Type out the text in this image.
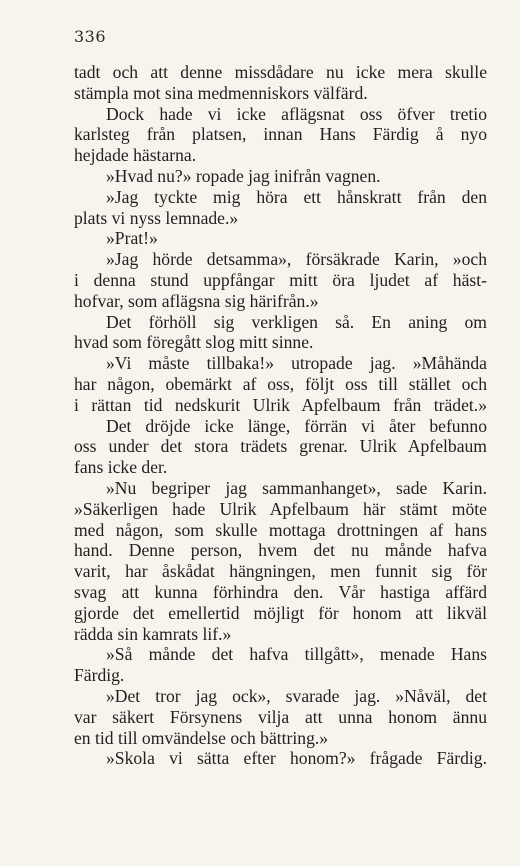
336
tadt och att denne missdådare nu icke mera skulle
stämpla mot sina medmenniskors välfärd.
Dock hade vi icke aflägsnat oss öfver tretio
karlsteg från platsen, innan Hans Färdig å nyo
hejdade hästarna.
»Hvad nu?» ropade jag inifrån vagnen.
»Jag tyckte mig höra ett hånskratt från den
plats vi nyss lemnade.»
»Prat!»
»Jag hörde detsamma», försäkrade Karin, »och
i denna stund uppfångar mitt öra ljudet af häst-
hofvar, som aflägsna sig härifrån.»
Det förhöll sig verkligen så. En aning om
hvad som föregått slog mitt sinne.
»Vi måste tillbaka!» utropade jag. »Måhända
har någon, obemärkt af oss, följt oss till stället och
i rättan tid nedskurit Ulrik Apfelbaum från trädet.»
Det dröjde icke länge, förrän vi åter befunno
oss under det stora trädets grenar. Ulrik Apfelbaum
fans icke der.
»Nu begriper jag sammanhanget», sade Karin.
»Säkerligen hade Ulrik Apfelbaum här stämt möte
med någon, som skulle mottaga drottningen af hans
hand. Denne person, hvem det nu månde hafva
varit, har åskådat hängningen, men funnit sig för
svag att kunna förhindra den. Vår hastiga affärd
gjorde det emellertid möjligt för honom att likväl
rädda sin kamrats lif.»
»Så månde det hafva tillgått», menade Hans
Färdig.
»Det tror jag ock», svarade jag. »Nåväl, det
var säkert Försynens vilja att unna honom ännu
en tid till omvändelse och bättring.»
»Skola vi sätta efter honom?» frågade Färdig.
